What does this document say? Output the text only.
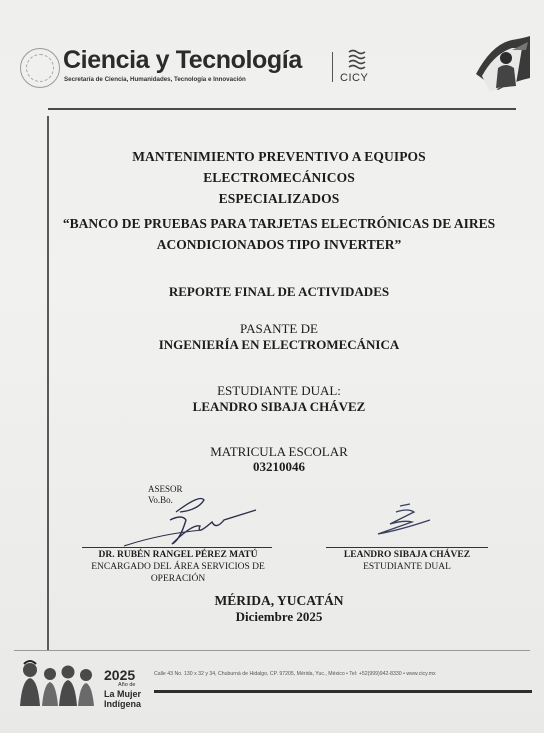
Ciencia y Tecnología
Secretaría de Ciencia, Humanidades, Tecnología e Innovación	CICY
MANTENIMIENTO PREVENTIVO A EQUIPOS ELECTROMECÁNICOS
ESPECIALIZADOS
“BANCO DE PRUEBAS PARA TARJETAS ELECTRÓNICAS DE AIRES
ACONDICIONADOS TIPO INVERTER”
REPORTE FINAL DE ACTIVIDADES
PASANTE DE
INGENIERÍA EN ELECTROMECÁNICA
ESTUDIANTE DUAL:
LEANDRO SIBAJA CHÁVEZ
MATRICULA ESCOLAR
03210046
ASESOR
Vo.Bo.
DR. RUBÉN RANGEL PÉREZ MATÚ
ENCARGADO DEL ÁREA SERVICIOS DE
OPERACIÓN
LEANDRO SIBAJA CHÁVEZ
ESTUDIANTE DUAL
MÉRIDA, YUCATÁN
Diciembre 2025
2025
Año de
La Mujer
Indígena
Calle 43 No. 130 x 32 y 34, Chuburná de Hidalgo, CP. 97205, Mérida, Yuc., México • Tel: +52(999)942-8330 • www.cicy.mx
